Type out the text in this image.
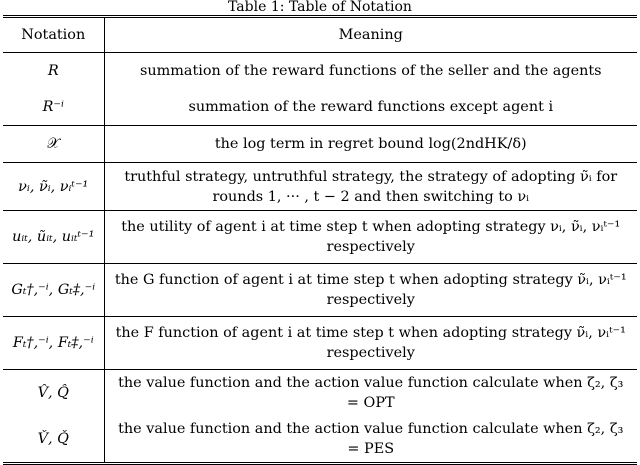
Table 1: Table of Notation
Notation	Meaning
R	summation of the reward functions of the seller and the agents
R⁻ⁱ	summation of the reward functions except agent i
𝒳	the log term in regret bound log(2ndHK/δ)
νᵢ, ν̃ᵢ, νᵢᵗ⁻¹	truthful strategy, untruthful strategy, the strategy of adopting ν̃ᵢ for rounds 1, ··· , t − 2 and then switching to νᵢ
uᵢₜ, ũᵢₜ, uᵢₜᵗ⁻¹	the utility of agent i at time step t when adopting strategy νᵢ, ν̃ᵢ, νᵢᵗ⁻¹ respectively
Gₜ†,⁻ⁱ, Gₜ‡,⁻ⁱ	the G function of agent i at time step t when adopting strategy ν̃ᵢ, νᵢᵗ⁻¹ respectively
Fₜ†,⁻ⁱ, Fₜ‡,⁻ⁱ	the F function of agent i at time step t when adopting strategy ν̃ᵢ, νᵢᵗ⁻¹ respectively
V̂, Q̂	the value function and the action value function calculate when ζ₂, ζ₃ = OPT
V̌, Q̌	the value function and the action value function calculate when ζ₂, ζ₃ = PES
